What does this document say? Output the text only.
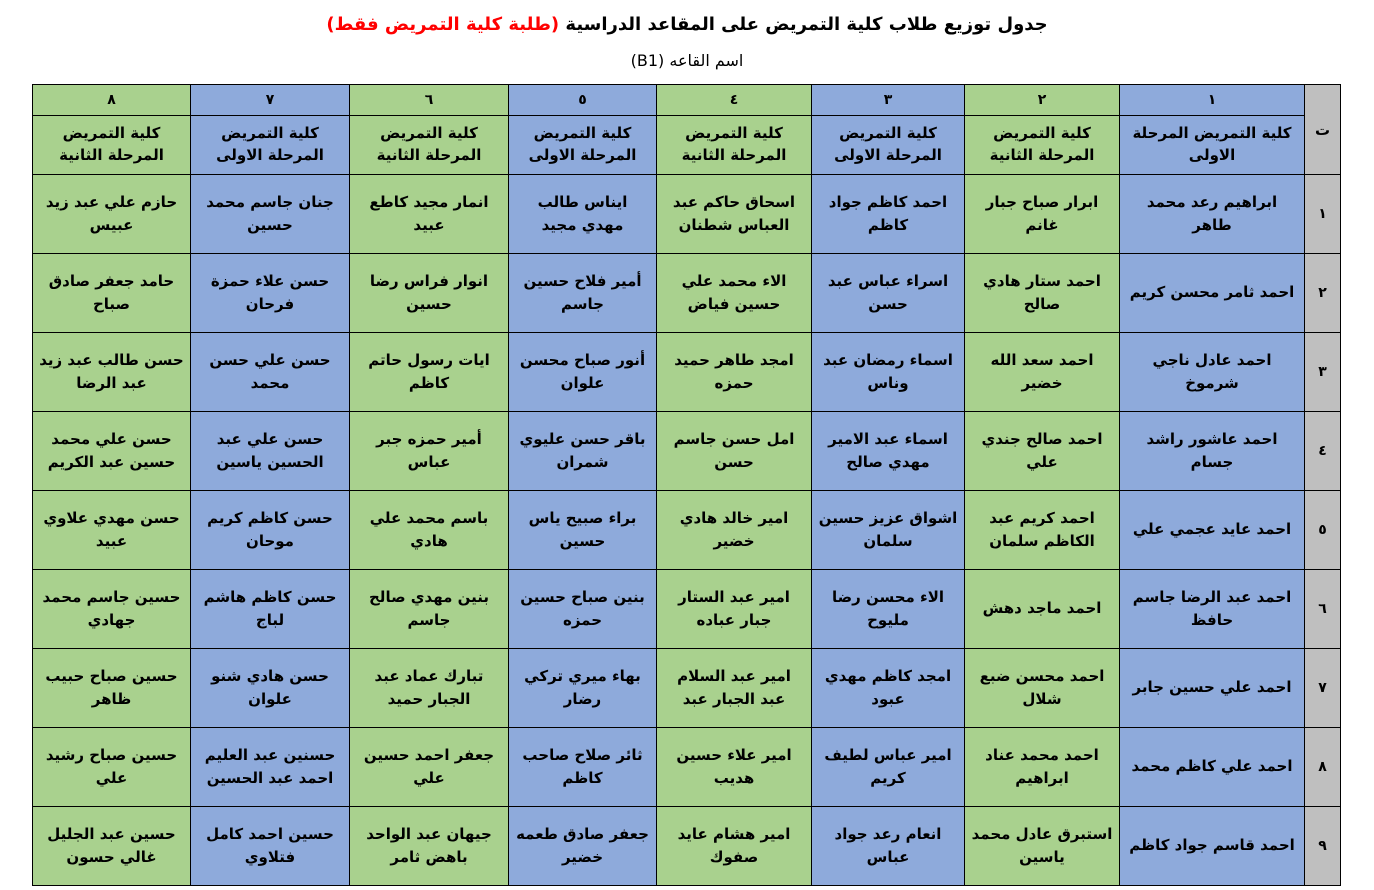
جدول توزيع طلاب كلية التمريض على المقاعد الدراسية (طلبة كلية التمريض فقط)
اسم القاعه (B1)
ت	١	٢	٣	٤	٥	٦	٧	٨
	كلية التمريض المرحلة الاولى	كلية التمريض المرحلة الثانية	كلية التمريض المرحلة الاولى	كلية التمريض المرحلة الثانية	كلية التمريض المرحلة الاولى	كلية التمريض المرحلة الثانية	كلية التمريض المرحلة الاولى	كلية التمريض المرحلة الثانية
١	ابراهيم رعد محمد طاهر	ابرار صباح جبار غانم	احمد كاظم جواد كاظم	اسحاق حاكم عبد العباس شطنان	ايناس طالب مهدي مجيد	انمار مجيد كاطع عبيد	جنان جاسم محمد حسين	حازم علي عبد زيد عبيس
٢	احمد ثامر محسن كريم	احمد ستار هادي صالح	اسراء عباس عبد حسن	الاء محمد علي حسين فياض	أمير فلاح حسين جاسم	انوار فراس رضا حسين	حسن علاء حمزة فرحان	حامد جعفر صادق صباح
٣	احمد عادل ناجي شرموخ	احمد سعد الله خضير	اسماء رمضان عبد وناس	امجد طاهر حميد حمزه	أنور صباح محسن علوان	ايات رسول حاتم كاظم	حسن علي حسن محمد	حسن طالب عبد زيد عبد الرضا
٤	احمد عاشور راشد جسام	احمد صالح جندي علي	اسماء عبد الامير مهدي صالح	امل حسن جاسم حسن	باقر حسن عليوي شمران	أمير حمزه جبر عباس	حسن علي عبد الحسين ياسين	حسن علي محمد حسين عبد الكريم
٥	احمد عايد عجمي علي	احمد كريم عبد الكاظم سلمان	اشواق عزيز حسين سلمان	امير خالد هادي خضير	براء صبيح ياس حسين	باسم محمد علي هادي	حسن كاظم كريم موحان	حسن مهدي علاوي عبيد
٦	احمد عبد الرضا جاسم حافظ	احمد ماجد دهش	الاء محسن رضا مليوح	امير عبد الستار جبار عباده	بنين صباح حسين حمزه	بنين مهدي صالح جاسم	حسن كاظم هاشم لباج	حسين جاسم محمد جهادي
٧	احمد علي حسين جابر	احمد محسن ضبع شلال	امجد كاظم مهدي عبود	امير عبد السلام عبد الجبار عبد	بهاء ميري تركي رضار	تبارك عماد عبد الجبار حميد	حسن هادي شنو علوان	حسين صباح حبيب ظاهر
٨	احمد علي كاظم محمد	احمد محمد عناد ابراهيم	امير عباس لطيف كريم	امير علاء حسين هديب	ثائر صلاح صاحب كاظم	جعفر احمد حسين علي	حسنين عبد العليم احمد عبد الحسين	حسين صباح رشيد علي
٩	احمد قاسم جواد كاظم	استبرق عادل محمد ياسين	انعام رعد جواد عباس	امير هشام عايد صفوك	جعفر صادق طعمه خضير	جيهان عبد الواحد باهض ثامر	حسين احمد كامل فتلاوي	حسين عبد الجليل غالي حسون
